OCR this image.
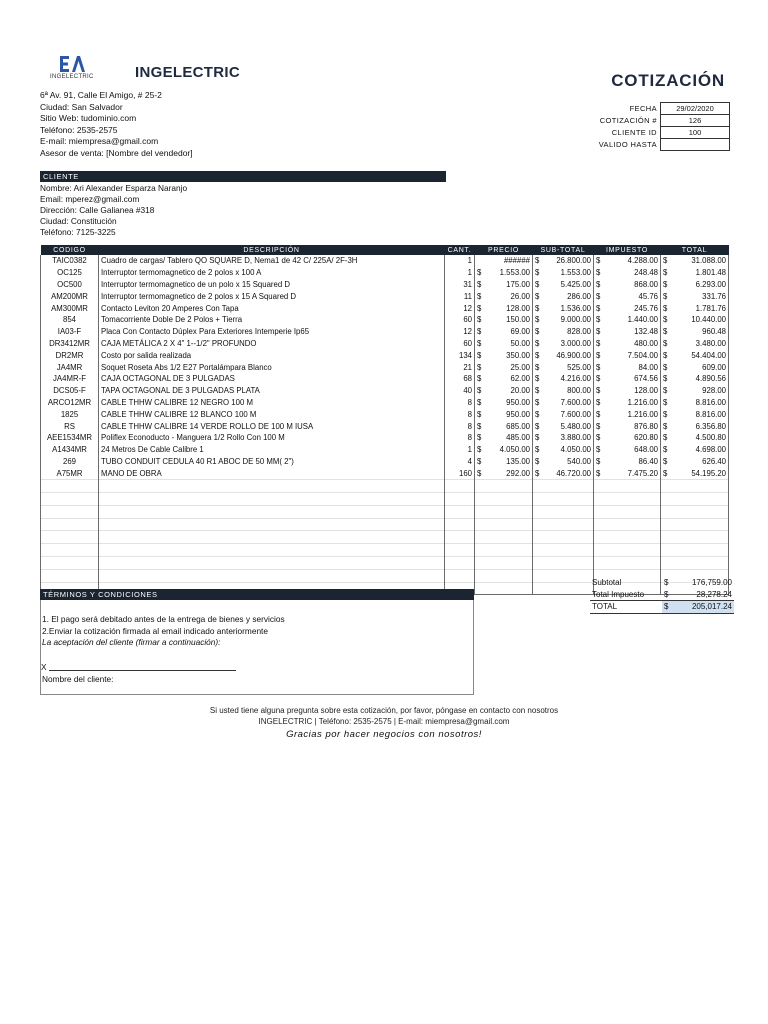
INGELECTRIC	INGELECTRIC	COTIZACIÓN
6ª Av. 91, Calle El Amigo, # 25-2
Ciudad: San Salvador
Sitio Web: tudominio.com
Teléfono: 2535-2575
E-mail: miempresa@gmail.com
Asesor de venta: [Nombre del vendedor]
FECHA	29/02/2020
COTIZACIÓN #	126
CLIENTE ID	100
VALIDO HASTA	
CLIENTE
Nombre: Ari Alexander Esparza Naranjo
Email: mperez@gmail.com
Dirección: Calle Galianea #318
Ciudad: Constitución
Teléfono: 7125-3225
CODIGO	DESCRIPCIÓN	CANT.	PRECIO	SUB-TOTAL	IMPUESTO	TOTAL
TAIC0382	Cuadro de cargas/ Tablero QO SQUARE D, Nema1 de 42 C/ 225A/ 2F-3H	1	######	$ 26.800.00	$ 4.288.00	$ 31.088.00

OC125	Interruptor termomagnetico de 2 polos x 100 A	1	$ 1.553.00	$ 1.553.00	$ 248.48	$ 1.801.48

OC500	Interruptor termomagnetico de un polo x 15 Squared D	31	$ 175.00	$ 5.425.00	$ 868.00	$ 6.293.00

AM200MR	Interruptor termomagnetico de 2 polos x 15 A Squared D	11	$ 26.00	$ 286.00	$ 45.76	$ 331.76

AM300MR	Contacto Leviton 20 Amperes Con Tapa	12	$ 128.00	$ 1.536.00	$ 245.76	$ 1.781.76

854	Tomacorriente Doble De 2 Polos + Tierra	60	$ 150.00	$ 9.000.00	$ 1.440.00	$ 10.440.00

IA03-F	Placa Con Contacto Dúplex Para Exteriores Intemperie Ip65	12	$ 69.00	$ 828.00	$ 132.48	$ 960.48

DR3412MR	CAJA METÁLICA 2 X 4" 1--1/2" PROFUNDO	60	$ 50.00	$ 3.000.00	$ 480.00	$ 3.480.00

DR2MR	Costo por salida realizada	134	$ 350.00	$ 46.900.00	$ 7.504.00	$ 54.404.00

JA4MR	Soquet Roseta Abs 1/2 E27 Portalámpara Blanco	21	$ 25.00	$ 525.00	$ 84.00	$ 609.00

JA4MR-F	CAJA OCTAGONAL DE 3 PULGADAS	68	$ 62.00	$ 4.216.00	$ 674.56	$ 4.890.56

DCS05-F	TAPA OCTAGONAL DE 3 PULGADAS PLATA	40	$ 20.00	$ 800.00	$ 128.00	$ 928.00

ARCO12MR	CABLE THHW CALIBRE 12 NEGRO 100 M	8	$ 950.00	$ 7.600.00	$ 1.216.00	$ 8.816.00

1825	CABLE THHW CALIBRE 12 BLANCO 100 M	8	$ 950.00	$ 7.600.00	$ 1.216.00	$ 8.816.00

RS	CABLE THHW CALIBRE 14 VERDE ROLLO DE 100 M IUSA	8	$ 685.00	$ 5.480.00	$ 876.80	$ 6.356.80

AEE1534MR	Poliflex Econoducto - Manguera 1/2 Rollo Con 100 M	8	$ 485.00	$ 3.880.00	$ 620.80	$ 4.500.80

A1434MR	24 Metros De Cable Calibre 1	1	$ 4.050.00	$ 4.050.00	$ 648.00	$ 4.698.00

269	TUBO CONDUIT CEDULA 40 R1 ABOC DE 50 MM( 2")	4	$ 135.00	$ 540.00	$ 86.40	$ 626.40

A75MR	MANO DE OBRA	160	$ 292.00	$ 46.720.00	$ 7.475.20	$ 54.195.20

Subtotal	$	176,759.00
Total Impuesto	$	28,278.24
TOTAL	$	205,017.24
TÉRMINOS Y CONDICIONES
1. El pago será debitado antes de la entrega de bienes y servicios
2.Enviar la cotización firmada al email indicado anteriormente
La aceptación del cliente (firmar a continuación):
X
Nombre del cliente:
Si usted tiene alguna pregunta sobre esta cotización, por favor, póngase en contacto con nosotros
INGELECTRIC | Teléfono: 2535-2575 | E-mail: miempresa@gmail.com
Gracias por hacer negocios con nosotros!
